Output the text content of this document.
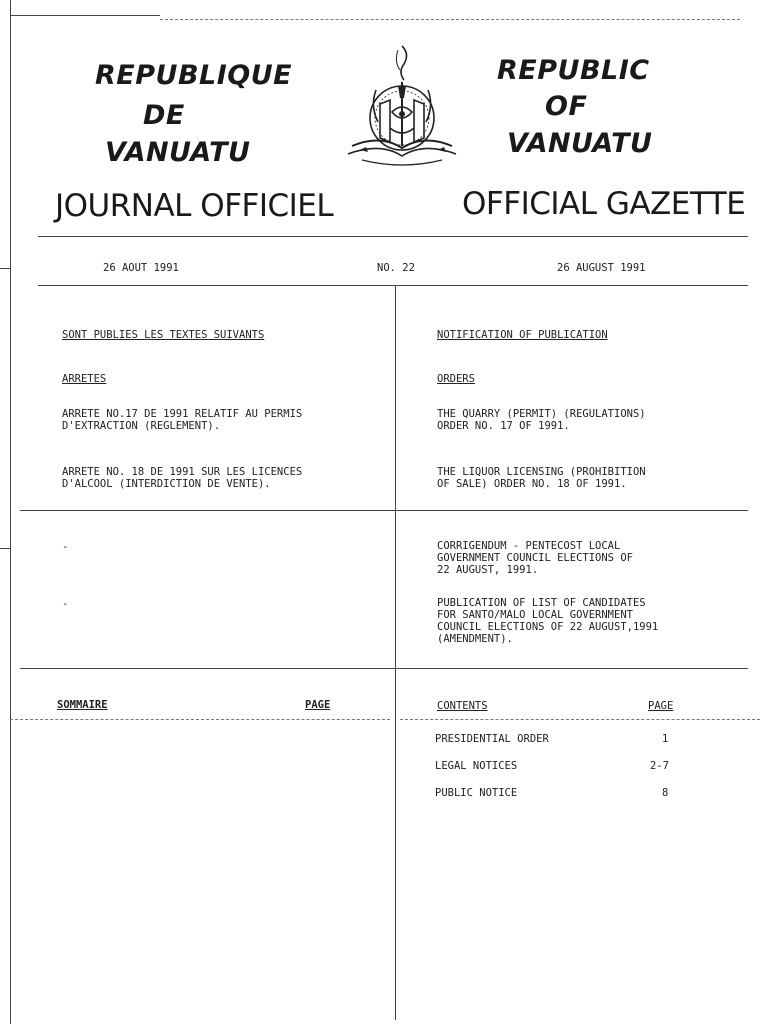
REPUBLIQUE
DE
VANUATU
REPUBLIC
OF
VANUATU
JOURNAL OFFICIEL	OFFICIAL GAZETTE
26 AOUT 1991	NO. 22	26 AUGUST 1991
SONT PUBLIES LES TEXTES SUIVANTS	NOTIFICATION OF PUBLICATION
ARRETES	ORDERS
ARRETE NO.17 DE 1991 RELATIF AU PERMIS
D'EXTRACTION (REGLEMENT).
ARRETE NO. 18 DE 1991 SUR LES LICENCES
D'ALCOOL (INTERDICTION DE VENTE).
THE QUARRY (PERMIT) (REGULATIONS)
ORDER NO. 17 OF 1991.
THE LIQUOR LICENSING (PROHIBITION
OF SALE) ORDER NO. 18 OF 1991.
-
-
CORRIGENDUM - PENTECOST LOCAL
GOVERNMENT COUNCIL ELECTIONS OF
22 AUGUST, 1991.
PUBLICATION OF LIST OF CANDIDATES
FOR SANTO/MALO LOCAL GOVERNMENT
COUNCIL ELECTIONS OF 22 AUGUST,1991
(AMENDMENT).
SOMMAIRE	PAGE	CONTENTS	PAGE
PRESIDENTIAL ORDER	1
LEGAL NOTICES	2-7
PUBLIC NOTICE	8
